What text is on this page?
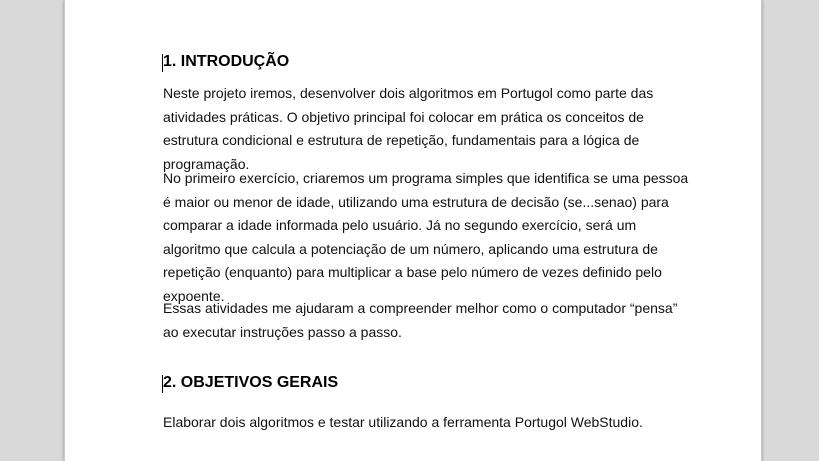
1. INTRODUÇÃO

Neste projeto iremos, desenvolver dois algoritmos em Portugol como parte das atividades práticas. O objetivo principal foi colocar em prática os conceitos de estrutura condicional e estrutura de repetição, fundamentais para a lógica de programação.

No primeiro exercício, criaremos um programa simples que identifica se uma pessoa é maior ou menor de idade, utilizando uma estrutura de decisão (se...senao) para comparar a idade informada pelo usuário. Já no segundo exercício, será um algoritmo que calcula a potenciação de um número, aplicando uma estrutura de repetição (enquanto) para multiplicar a base pelo número de vezes definido pelo expoente.

Essas atividades me ajudaram a compreender melhor como o computador “pensa” ao executar instruções passo a passo.

2. OBJETIVOS GERAIS

Elaborar dois algoritmos e testar utilizando a ferramenta Portugol WebStudio.
